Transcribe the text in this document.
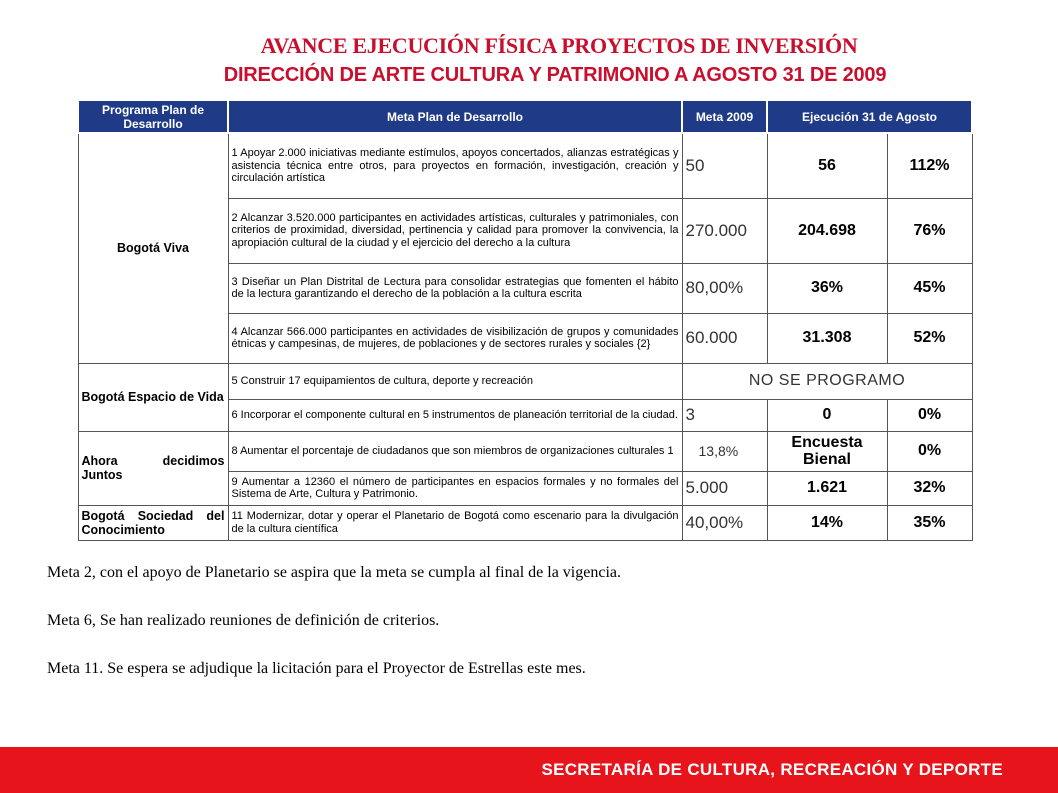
AVANCE EJECUCIÓN FÍSICA PROYECTOS DE INVERSIÓN
DIRECCIÓN DE ARTE CULTURA Y PATRIMONIO A AGOSTO 31 DE 2009
Programa Plan de Desarrollo	Meta Plan de Desarrollo	Meta 2009	Ejecución 31 de Agosto	
Bogotá Viva	1 Apoyar 2.000 iniciativas mediante estímulos, apoyos concertados, alianzas estratégicas y asistencia técnica entre otros, para proyectos en formación, investigación, creación y circulación artística	50	56	112%
	2 Alcanzar 3.520.000 participantes en actividades artísticas, culturales y patrimoniales, con criterios de proximidad, diversidad, pertinencia y calidad para promover la convivencia, la apropiación cultural de la ciudad y el ejercicio del derecho a la cultura	270.000	204.698	76%
	3 Diseñar un Plan Distrital de Lectura para consolidar estrategias que fomenten el hábito de la lectura garantizando el derecho de la población a la cultura escrita	80,00%	36%	45%
	4 Alcanzar 566.000 participantes en actividades de visibilización de grupos y comunidades étnicas y campesinas, de mujeres, de poblaciones y de sectores rurales y sociales {2}	60.000	31.308	52%
Bogotá Espacio de Vida	5 Construir 17 equipamientos de cultura, deporte y recreación	NO SE PROGRAMO		
	6 Incorporar el componente cultural en 5 instrumentos de planeación territorial de la ciudad.	3	0	0%
Ahora decidimos Juntos	8 Aumentar el porcentaje de ciudadanos que son miembros de organizaciones culturales 1	13,8%	Encuesta Bienal	0%
	9 Aumentar a 12360 el número de participantes en espacios formales y no formales del Sistema de Arte, Cultura y Patrimonio.	5.000	1.621	32%
Bogotá Sociedad del Conocimiento	11 Modernizar, dotar y operar el Planetario de Bogotá como escenario para la divulgación de la cultura científica	40,00%	14%	35%

Meta 2, con el apoyo de Planetario se aspira que la meta se cumpla al final de la vigencia.

Meta 6, Se han realizado reuniones de definición de criterios.

Meta 11. Se espera se adjudique la licitación para el Proyector de Estrellas este mes.

SECRETARÍA DE CULTURA, RECREACIÓN Y DEPORTE
